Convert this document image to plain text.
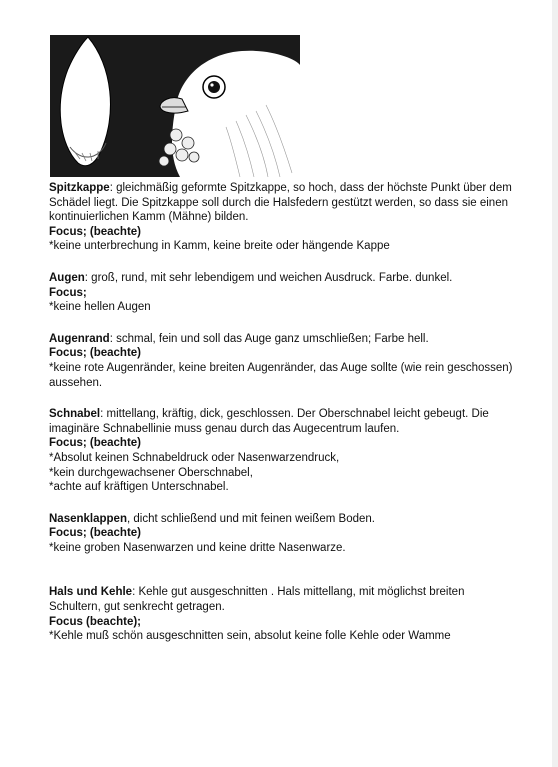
Spitzkappe: gleichmäßig geformte Spitzkappe, so hoch, dass der höchste Punkt über dem Schädel liegt. Die Spitzkappe soll durch die Halsfedern gestützt werden, so dass sie einen kontinuierlichen Kamm (Mähne) bilden.

Focus; (beachte)

*keine unterbrechung in Kamm, keine breite oder hängende Kappe

Augen: groß, rund, mit sehr lebendigem und weichen Ausdruck. Farbe. dunkel.

Focus;

*keine hellen Augen

Augenrand: schmal, fein und soll das Auge ganz umschließen; Farbe hell.

Focus; (beachte)

*keine rote Augenränder, keine breiten Augenränder, das Auge sollte (wie rein geschossen) aussehen.

Schnabel: mittellang, kräftig, dick, geschlossen. Der Oberschnabel leicht gebeugt. Die imaginäre Schnabellinie muss genau durch das Augecentrum laufen.

Focus; (beachte)

*Absolut keinen Schnabeldruck oder Nasenwarzendruck,

*kein durchgewachsener Oberschnabel,

*achte auf kräftigen Unterschnabel.

Nasenklappen, dicht schließend und mit feinen weißem Boden.

Focus; (beachte)

*keine groben Nasenwarzen und keine dritte Nasenwarze.

Hals und Kehle: Kehle gut ausgeschnitten . Hals mittellang, mit möglichst breiten Schultern, gut senkrecht getragen.

Focus (beachte);

*Kehle muß schön ausgeschnitten sein, absolut keine folle Kehle oder Wamme
